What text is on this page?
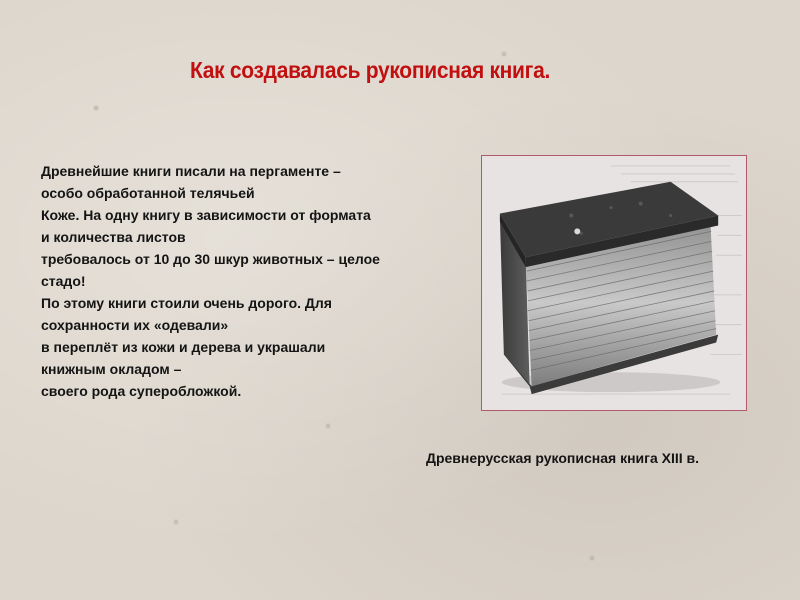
Как создавалась рукописная книга.
Древнейшие книги писали на пергаменте –
особо обработанной телячьей
Коже. На одну книгу в зависимости от формата
и количества листов
требовалось от 10 до 30 шкур животных – целое
стадо!
По этому книги стоили очень дорого. Для
сохранности их «одевали»
в переплёт из кожи и дерева и украшали
книжным окладом –
своего рода суперобложкой.

Древнерусская рукописная книга XIII в.
